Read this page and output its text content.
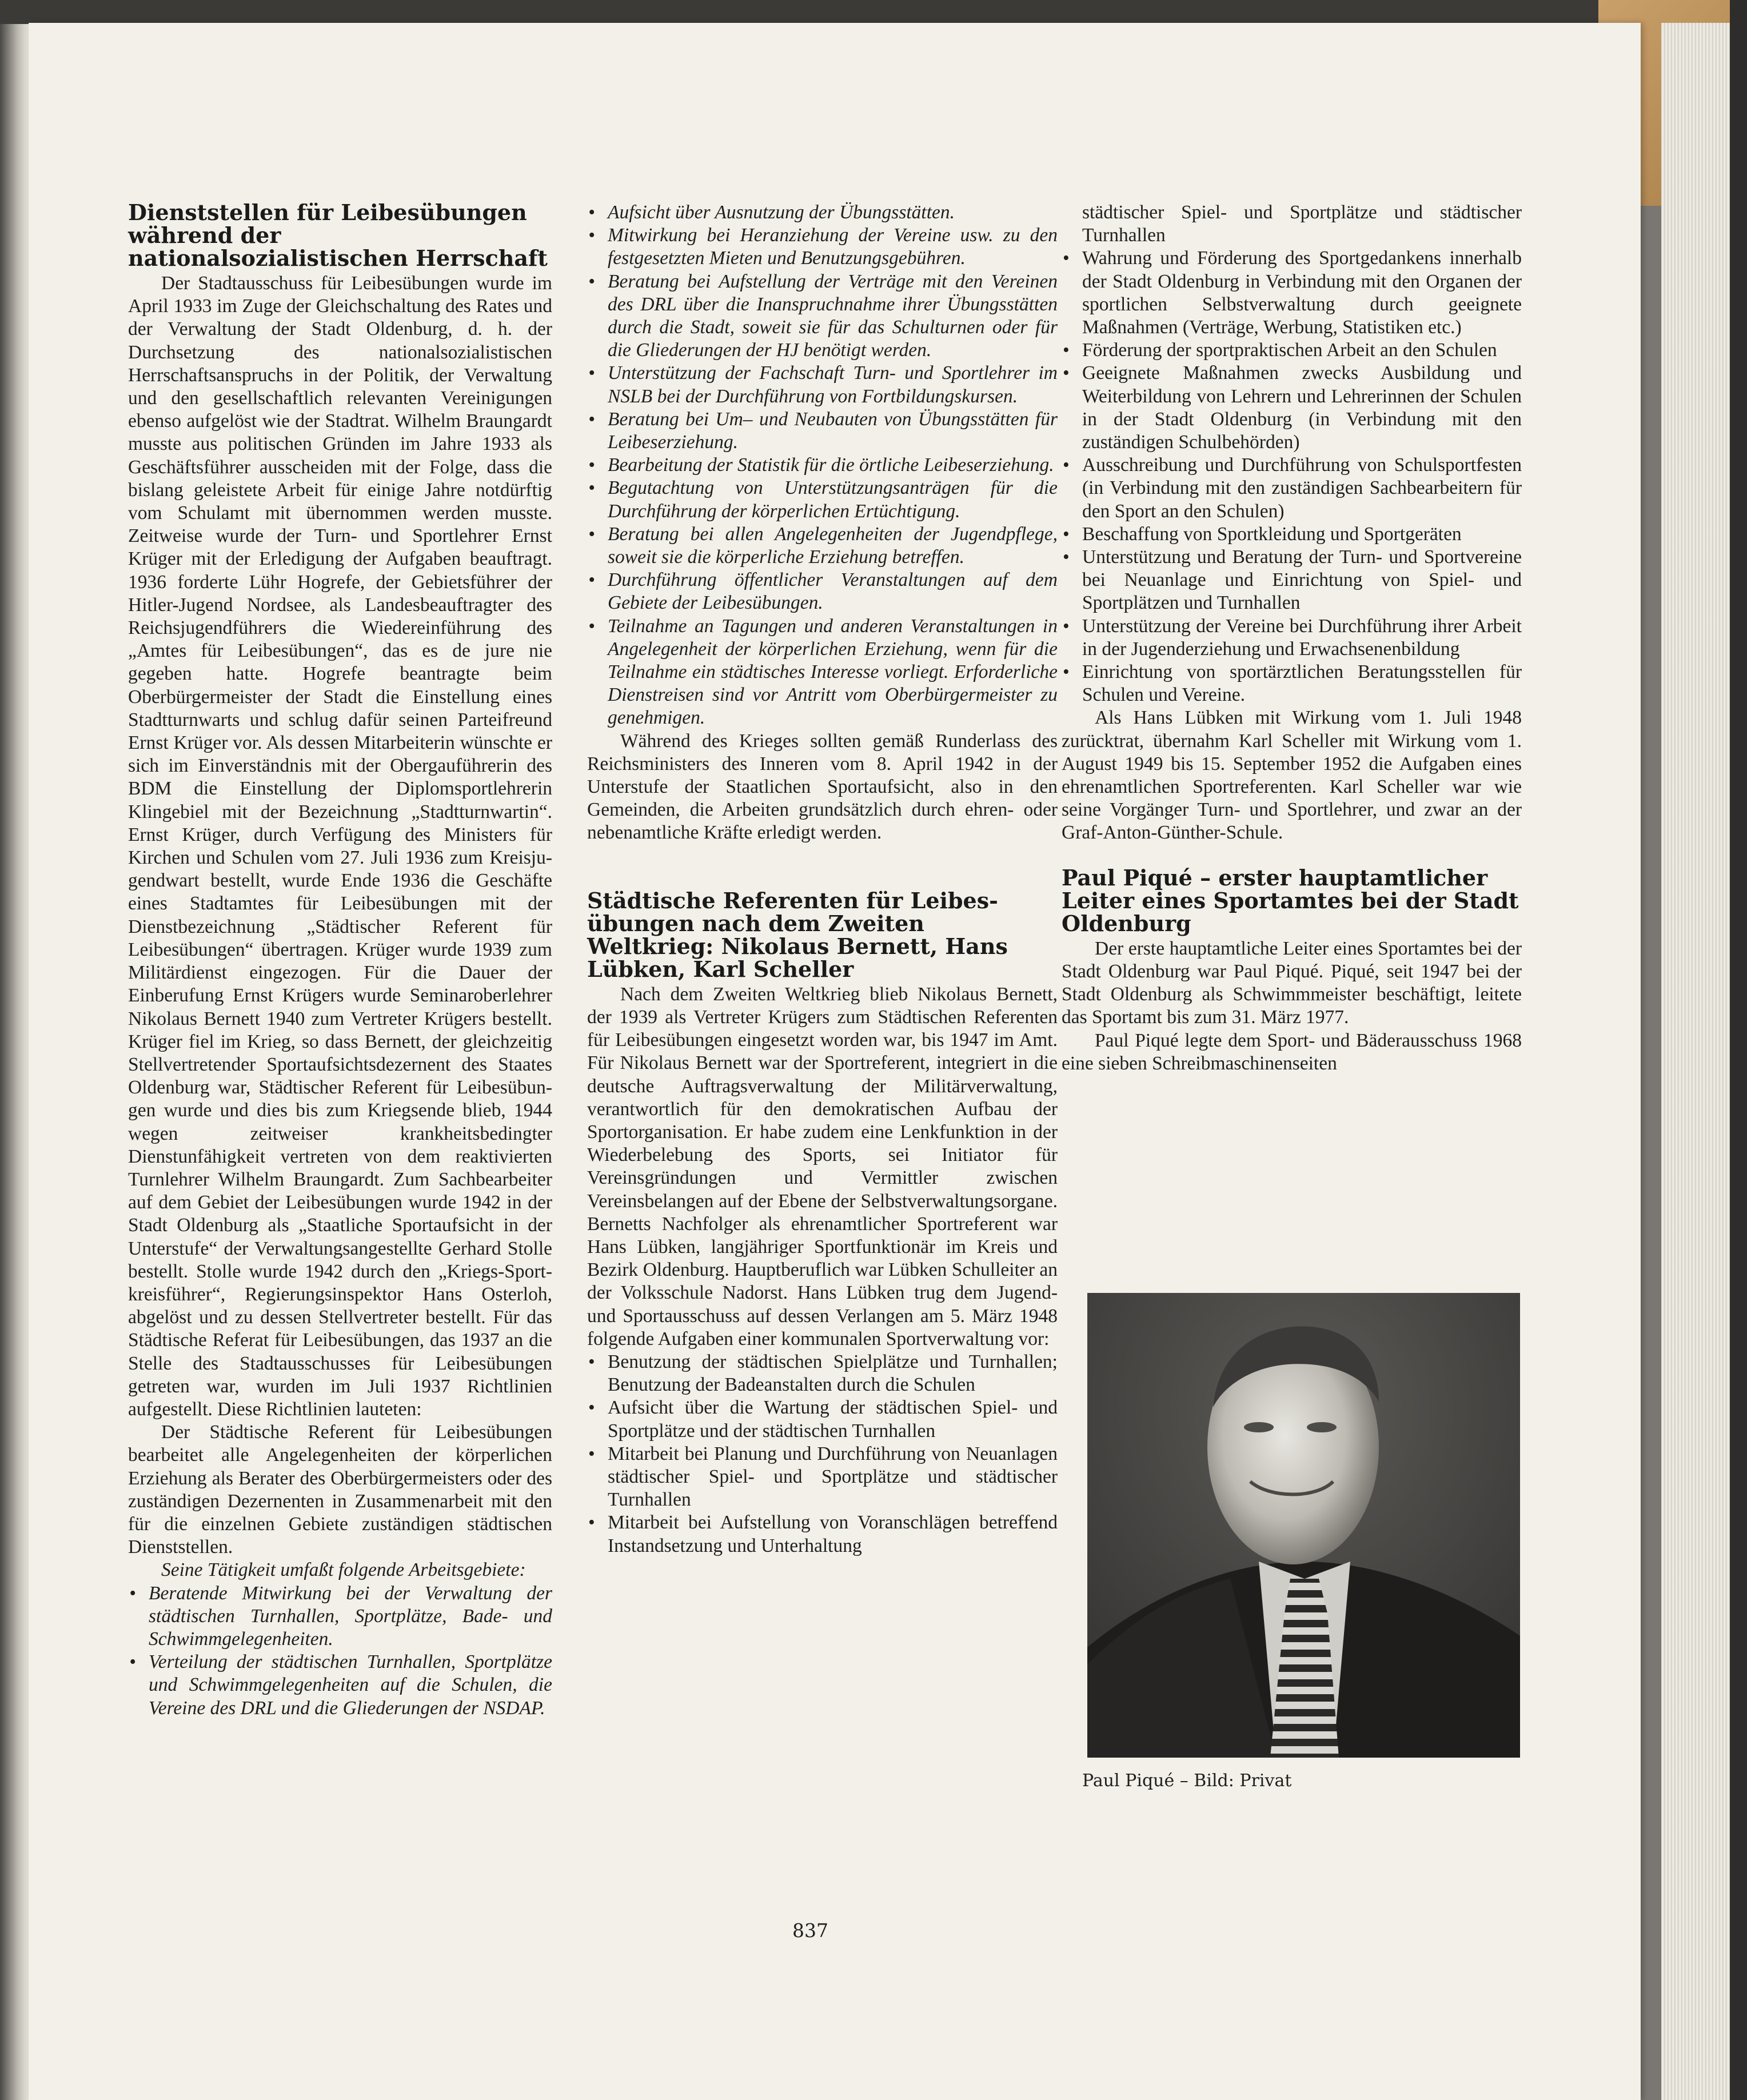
Dienststellen für Leibesübungen während der nationalsozialistischen Herrschaft

Der Stadtausschuss für Leibesübungen wurde im April 1933 im Zuge der Gleichschaltung des Rates und der Verwaltung der Stadt Oldenburg, d. h. der Durchsetzung des nationalsozialistischen Herrschaftsanspruchs in der Politik, der Verwaltung und den gesellschaftlich relevanten Vereinigungen ebenso aufgelöst wie der Stadtrat. Wilhelm Braungardt musste aus politischen Gründen im Jahre 1933 als Geschäftsführer ausscheiden mit der Folge, dass die bislang geleistete Arbeit für einige Jahre notdürftig vom Schulamt mit übernommen werden musste. Zeitweise wurde der Turn- und Sportlehrer Ernst Krüger mit der Erledigung der Aufgaben beauftragt. 1936 forderte Lühr Hogrefe, der Gebietsführer der Hitler-Jugend Nordsee, als Landesbeauftragter des Reichsjugendführers die Wiedereinführung des „Amtes für Leibesübungen“, das es de jure nie gegeben hatte. Hogrefe beantragte beim Oberbürgermeister der Stadt die Einstellung eines Stadtturnwarts und schlug dafür seinen Parteifreund Ernst Krüger vor. Als dessen Mitarbeiterin wünschte er sich im Einverständnis mit der Obergauführerin des BDM die Einstellung der Diplomsportlehrerin Klingebiel mit der Bezeichnung „Stadtturnwartin“. Ernst Krüger, durch Verfügung des Ministers für Kirchen und Schulen vom 27. Juli 1936 zum Kreisjugendwart bestellt, wurde Ende 1936 die Geschäfte eines Stadtamtes für Leibesübungen mit der Dienstbezeichnung „Städtischer Referent für Leibesübungen“ übertragen. Krüger wurde 1939 zum Militärdienst eingezogen. Für die Dauer der Einberufung Ernst Krügers wurde Seminaroberlehrer Nikolaus Bernett 1940 zum Vertreter Krügers bestellt. Krüger fiel im Krieg, so dass Bernett, der gleichzeitig Stellvertretender Sportaufsichtsdezernent des Staates Oldenburg war, Städtischer Referent für Leibesübungen wurde und dies bis zum Kriegsende blieb, 1944 wegen zeitweiser krankheitsbedingter Dienstunfähigkeit vertreten von dem reaktivierten Turnlehrer Wilhelm Braungardt. Zum Sachbearbeiter auf dem Gebiet der Leibesübungen wurde 1942 in der Stadt Oldenburg als „Staatliche Sportaufsicht in der Unterstufe“ der Verwaltungsangestellte Gerhard Stolle bestellt. Stolle wurde 1942 durch den „Kriegs-Sportkreisführer“, Regierungsinspektor Hans Osterloh, abgelöst und zu dessen Stellvertreter bestellt. Für das Städtische Referat für Leibesübungen, das 1937 an die Stelle des Stadtausschusses für Leibesübungen getreten war, wurden im Juli 1937 Richtlinien aufgestellt. Diese Richtlinien lauteten:

Der Städtische Referent für Leibesübungen bearbeitet alle Angelegenheiten der körperlichen Erziehung als Berater des Oberbürgermeisters oder des zuständigen Dezernenten in Zusammenarbeit mit den für die einzelnen Gebiete zuständigen städtischen Dienststellen.

Seine Tätigkeit umfaßt folgende Arbeitsgebiete:

• Beratende Mitwirkung bei der Verwaltung der städtischen Turnhallen, Sportplätze, Bade- und Schwimmgelegenheiten.
• Verteilung der städtischen Turnhallen, Sportplätze und Schwimmgelegenheiten auf die Schulen, die Vereine des DRL und die Gliederungen der NSDAP.
• Aufsicht über Ausnutzung der Übungsstätten.
• Mitwirkung bei Heranziehung der Vereine usw. zu den festgesetzten Mieten und Benutzungsgebühren.
• Beratung bei Aufstellung der Verträge mit den Vereinen des DRL über die Inanspruchnahme ihrer Übungsstätten durch die Stadt, soweit sie für das Schulturnen oder für die Gliederungen der HJ benötigt werden.
• Unterstützung der Fachschaft Turn- und Sportlehrer im NSLB bei der Durchführung von Fortbildungskursen.
• Beratung bei Um– und Neubauten von Übungsstätten für Leibeserziehung.
• Bearbeitung der Statistik für die örtliche Leibeserziehung.
• Begutachtung von Unterstützungsanträgen für die Durchführung der körperlichen Ertüchtigung.
• Beratung bei allen Angelegenheiten der Jugendpflege, soweit sie die körperliche Erziehung betreffen.
• Durchführung öffentlicher Veranstaltungen auf dem Gebiete der Leibesübungen.
• Teilnahme an Tagungen und anderen Veranstaltungen in Angelegenheit der körperlichen Erziehung, wenn für die Teilnahme ein städtisches Interesse vorliegt. Erforderliche Dienstreisen sind vor Antritt vom Oberbürgermeister zu genehmigen.

Während des Krieges sollten gemäß Runderlass des Reichsministers des Inneren vom 8. April 1942 in der Unterstufe der Staatlichen Sportaufsicht, also in den Gemeinden, die Arbeiten grundsätzlich durch ehren- oder nebenamtliche Kräfte erledigt werden.

Städtische Referenten für Leibesübungen nach dem Zweiten Weltkrieg: Nikolaus Bernett, Hans Lübken, Karl Scheller

Nach dem Zweiten Weltkrieg blieb Nikolaus Bernett, der 1939 als Vertreter Krügers zum Städtischen Referenten für Leibesübungen eingesetzt worden war, bis 1947 im Amt. Für Nikolaus Bernett war der Sportreferent, integriert in die deutsche Auftragsverwaltung der Militärverwaltung, verantwortlich für den demokratischen Aufbau der Sportorganisation. Er habe zudem eine Lenkfunktion in der Wiederbelebung des Sports, sei Initiator für Vereinsgründungen und Vermittler zwischen Vereinsbelangen auf der Ebene der Selbstverwaltungsorgane. Bernetts Nachfolger als ehrenamtlicher Sportreferent war Hans Lübken, langjähriger Sportfunktionär im Kreis und Bezirk Oldenburg. Hauptberuflich war Lübken Schulleiter an der Volksschule Nadorst. Hans Lübken trug dem Jugend- und Sportausschuss auf dessen Verlangen am 5. März 1948 folgende Aufgaben einer kommunalen Sportverwaltung vor:

• Benutzung der städtischen Spielplätze und Turnhallen; Benutzung der Badeanstalten durch die Schulen
• Aufsicht über die Wartung der städtischen Spiel- und Sportplätze und der städtischen Turnhallen
• Mitarbeit bei Planung und Durchführung von Neuanlagen städtischer Spiel- und Sportplätze und städtischer Turnhallen
• Mitarbeit bei Aufstellung von Voranschlägen betreffend Instandsetzung und Unterhaltung

städtischer Spiel- und Sportplätze und städtischer Turnhallen

• Wahrung und Förderung des Sportgedankens innerhalb der Stadt Oldenburg in Verbindung mit den Organen der sportlichen Selbstverwaltung durch geeignete Maßnahmen (Verträge, Werbung, Statistiken etc.)
• Förderung der sportpraktischen Arbeit an den Schulen
• Geeignete Maßnahmen zwecks Ausbildung und Weiterbildung von Lehrern und Lehrerinnen der Schulen in der Stadt Oldenburg (in Verbindung mit den zuständigen Schulbehörden)
• Ausschreibung und Durchführung von Schulsportfesten (in Verbindung mit den zuständigen Sachbearbeitern für den Sport an den Schulen)
• Beschaffung von Sportkleidung und Sportgeräten
• Unterstützung und Beratung der Turn- und Sportvereine bei Neuanlage und Einrichtung von Spiel- und Sportplätzen und Turnhallen
• Unterstützung der Vereine bei Durchführung ihrer Arbeit in der Jugenderziehung und Erwachsenenbildung
• Einrichtung von sportärztlichen Beratungsstellen für Schulen und Vereine.

Als Hans Lübken mit Wirkung vom 1. Juli 1948 zurücktrat, übernahm Karl Scheller mit Wirkung vom 1. August 1949 bis 15. September 1952 die Aufgaben eines ehrenamtlichen Sportreferenten. Karl Scheller war wie seine Vorgänger Turn- und Sportlehrer, und zwar an der Graf-Anton-Günther-Schule.

Paul Piqué – erster hauptamtlicher Leiter eines Sportamtes bei der Stadt Oldenburg

Der erste hauptamtliche Leiter eines Sportamtes bei der Stadt Oldenburg war Paul Piqué. Piqué, seit 1947 bei der Stadt Oldenburg als Schwimmmeister beschäftigt, leitete das Sportamt bis zum 31. März 1977.

Paul Piqué legte dem Sport- und Bäderausschuss 1968 eine sieben Schreibmaschinenseiten

Paul Piqué – Bild: Privat
837
